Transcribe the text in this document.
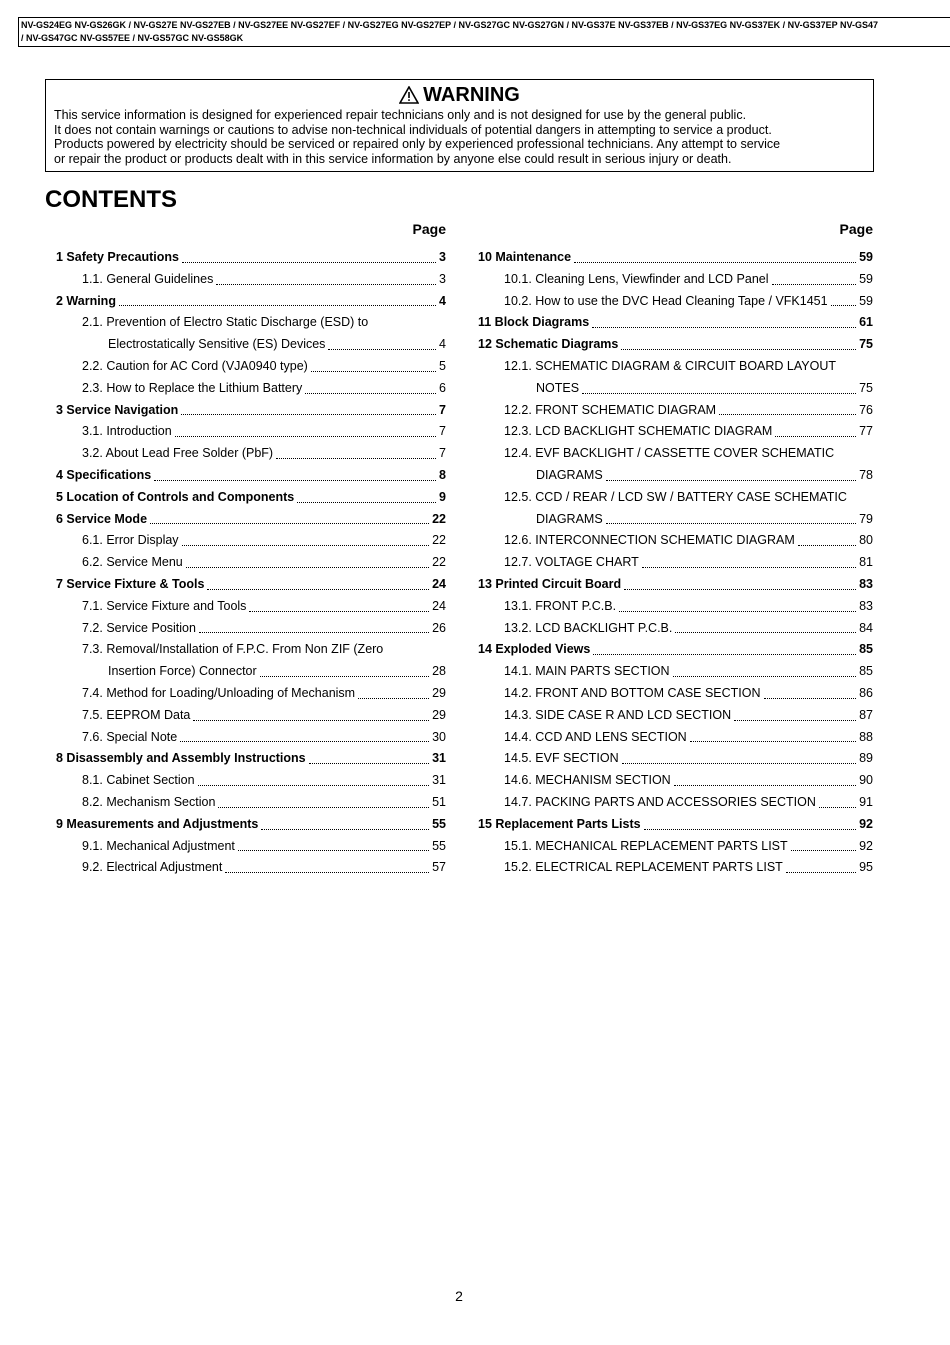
NV-GS24EG NV-GS26GK / NV-GS27E NV-GS27EB / NV-GS27EE NV-GS27EF / NV-GS27EG NV-GS27EP / NV-GS27GC NV-GS27GN / NV-GS37E NV-GS37EB / NV-GS37EG NV-GS37EK / NV-GS37EP NV-GS47
/ NV-GS47GC NV-GS57EE / NV-GS57GC NV-GS58GK
WARNING
This service information is designed for experienced repair technicians only and is not designed for use by the general public.
It does not contain warnings or cautions to advise non-technical individuals of potential dangers in attempting to service a product.
Products powered by electricity should be serviced or repaired only by experienced professional technicians. Any attempt to service
or repair the product or products dealt with in this service information by anyone else could result in serious injury or death.
CONTENTS
Page
1 Safety Precautions	3
1.1. General Guidelines	3
2 Warning	4
2.1. Prevention of Electro Static Discharge (ESD) to
Electrostatically Sensitive (ES) Devices	4
2.2. Caution for AC Cord (VJA0940 type)	5
2.3. How to Replace the Lithium Battery	6
3 Service Navigation	7
3.1. Introduction	7
3.2. About Lead Free Solder (PbF)	7
4 Specifications	8
5 Location of Controls and Components	9
6 Service Mode	22
6.1. Error Display	22
6.2. Service Menu	22
7 Service Fixture & Tools	24
7.1. Service Fixture and Tools	24
7.2. Service Position	26
7.3. Removal/Installation of F.P.C. From Non ZIF (Zero
Insertion Force) Connector	28
7.4. Method for Loading/Unloading of Mechanism	29
7.5. EEPROM Data	29
7.6. Special Note	30
8 Disassembly and Assembly Instructions	31
8.1. Cabinet Section	31
8.2. Mechanism Section	51
9 Measurements and Adjustments	55
9.1. Mechanical Adjustment	55
9.2. Electrical Adjustment	57
Page
10 Maintenance	59
10.1. Cleaning Lens, Viewfinder and LCD Panel	59
10.2. How to use the DVC Head Cleaning Tape / VFK1451	59
11 Block Diagrams	61
12 Schematic Diagrams	75
12.1. SCHEMATIC DIAGRAM & CIRCUIT BOARD LAYOUT
NOTES	75
12.2. FRONT SCHEMATIC DIAGRAM	76
12.3. LCD BACKLIGHT SCHEMATIC DIAGRAM	77
12.4. EVF BACKLIGHT / CASSETTE COVER SCHEMATIC
DIAGRAMS	78
12.5. CCD / REAR / LCD SW / BATTERY CASE SCHEMATIC
DIAGRAMS	79
12.6. INTERCONNECTION SCHEMATIC DIAGRAM	80
12.7. VOLTAGE CHART	81
13 Printed Circuit Board	83
13.1. FRONT P.C.B.	83
13.2. LCD BACKLIGHT P.C.B.	84
14 Exploded Views	85
14.1. MAIN PARTS SECTION	85
14.2. FRONT AND BOTTOM CASE SECTION	86
14.3. SIDE CASE R AND LCD SECTION	87
14.4. CCD AND LENS SECTION	88
14.5. EVF SECTION	89
14.6. MECHANISM SECTION	90
14.7. PACKING PARTS AND ACCESSORIES SECTION	91
15 Replacement Parts Lists	92
15.1. MECHANICAL REPLACEMENT PARTS LIST	92
15.2. ELECTRICAL REPLACEMENT PARTS LIST	95
2
